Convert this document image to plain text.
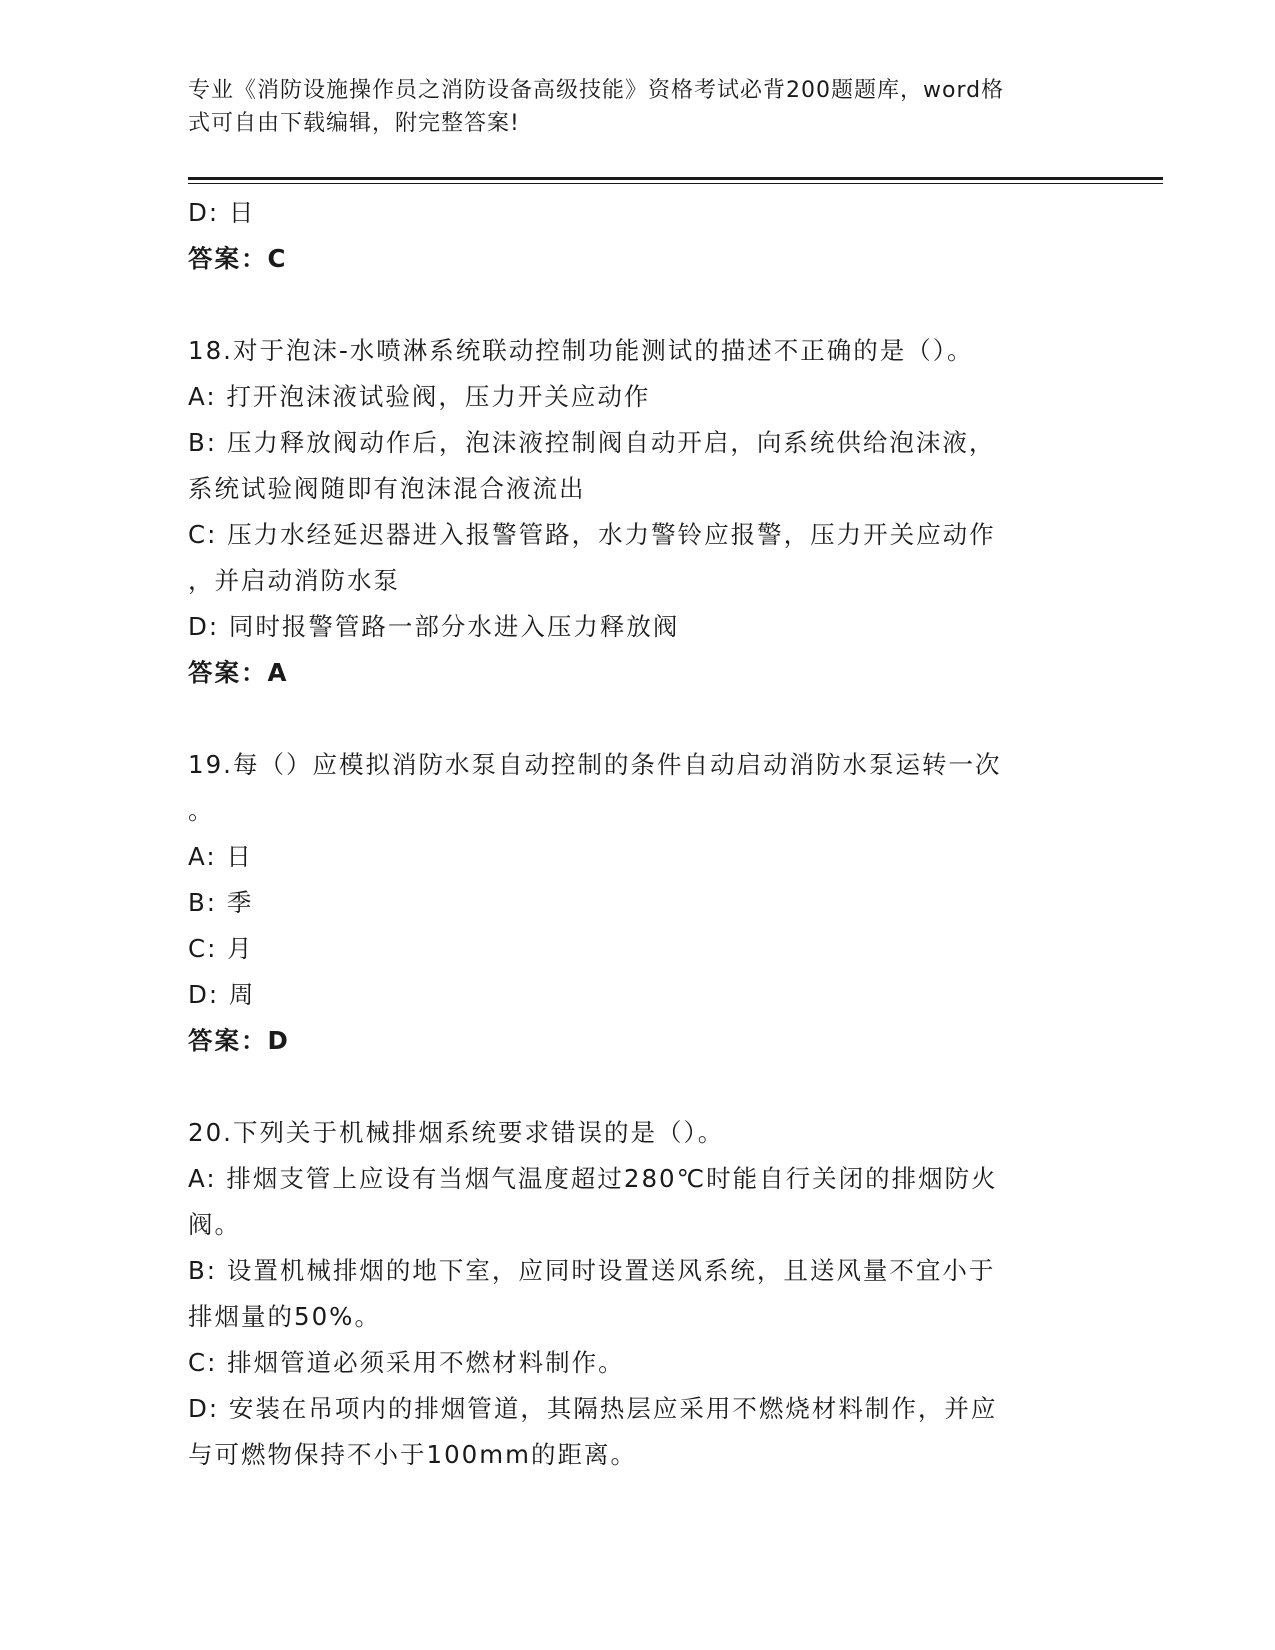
专业《消防设施操作员之消防设备高级技能》资格考试必背200题题库，word格
式可自由下载编辑，附完整答案!
D: 日
答案：C
18.对于泡沫-水喷淋系统联动控制功能测试的描述不正确的是（）。
A: 打开泡沫液试验阀，压力开关应动作
B: 压力释放阀动作后，泡沫液控制阀自动开启，向系统供给泡沫液，
系统试验阀随即有泡沫混合液流出
C: 压力水经延迟器进入报警管路，水力警铃应报警，压力开关应动作
，并启动消防水泵
D: 同时报警管路一部分水进入压力释放阀
答案：A
19.每（）应模拟消防水泵自动控制的条件自动启动消防水泵运转一次
。
A: 日
B: 季
C: 月
D: 周
答案：D
20.下列关于机械排烟系统要求错误的是（）。
A: 排烟支管上应设有当烟气温度超过280℃时能自行关闭的排烟防火
阀。
B: 设置机械排烟的地下室，应同时设置送风系统，且送风量不宜小于
排烟量的50%。
C: 排烟管道必须采用不燃材料制作。
D: 安装在吊项内的排烟管道，其隔热层应采用不燃烧材料制作，并应
与可燃物保持不小于100mm的距离。
